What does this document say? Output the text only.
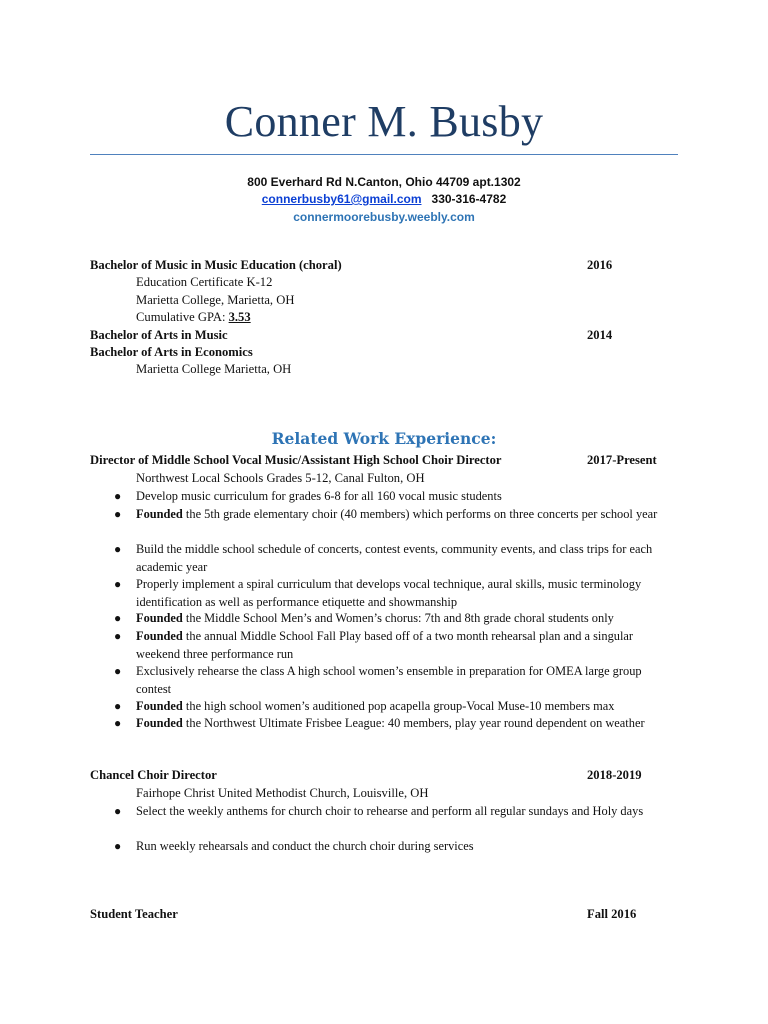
Conner M. Busby
800 Everhard Rd N.Canton, Ohio 44709 apt.1302
connerbusby61@gmail.com 330-316-4782
connermoorebusby.weebly.com
Bachelor of Music in Music Education (choral)	2016
Education Certificate K-12
Marietta College, Marietta, OH
Cumulative GPA: 3.53
Bachelor of Arts in Music	2014
Bachelor of Arts in Economics
Marietta College Marietta, OH
Related Work Experience:
Director of Middle School Vocal Music/Assistant High School Choir Director	2017-Present
Northwest Local Schools Grades 5-12, Canal Fulton, OH
● Develop music curriculum for grades 6-8 for all 160 vocal music students
● Founded the 5th grade elementary choir (40 members) which performs on three concerts per school year
● Build the middle school schedule of concerts, contest events, community events, and class trips for each academic year
● Properly implement a spiral curriculum that develops vocal technique, aural skills, music terminology identification as well as performance etiquette and showmanship
● Founded the Middle School Men’s and Women’s chorus: 7th and 8th grade choral students only
● Founded the annual Middle School Fall Play based off of a two month rehearsal plan and a singular weekend three performance run
● Exclusively rehearse the class A high school women’s ensemble in preparation for OMEA large group contest
● Founded the high school women’s auditioned pop acapella group-Vocal Muse-10 members max
● Founded the Northwest Ultimate Frisbee League: 40 members, play year round dependent on weather
Chancel Choir Director	2018-2019
Fairhope Christ United Methodist Church, Louisville, OH
● Select the weekly anthems for church choir to rehearse and perform all regular sundays and Holy days
● Run weekly rehearsals and conduct the church choir during services
Student Teacher	Fall 2016
